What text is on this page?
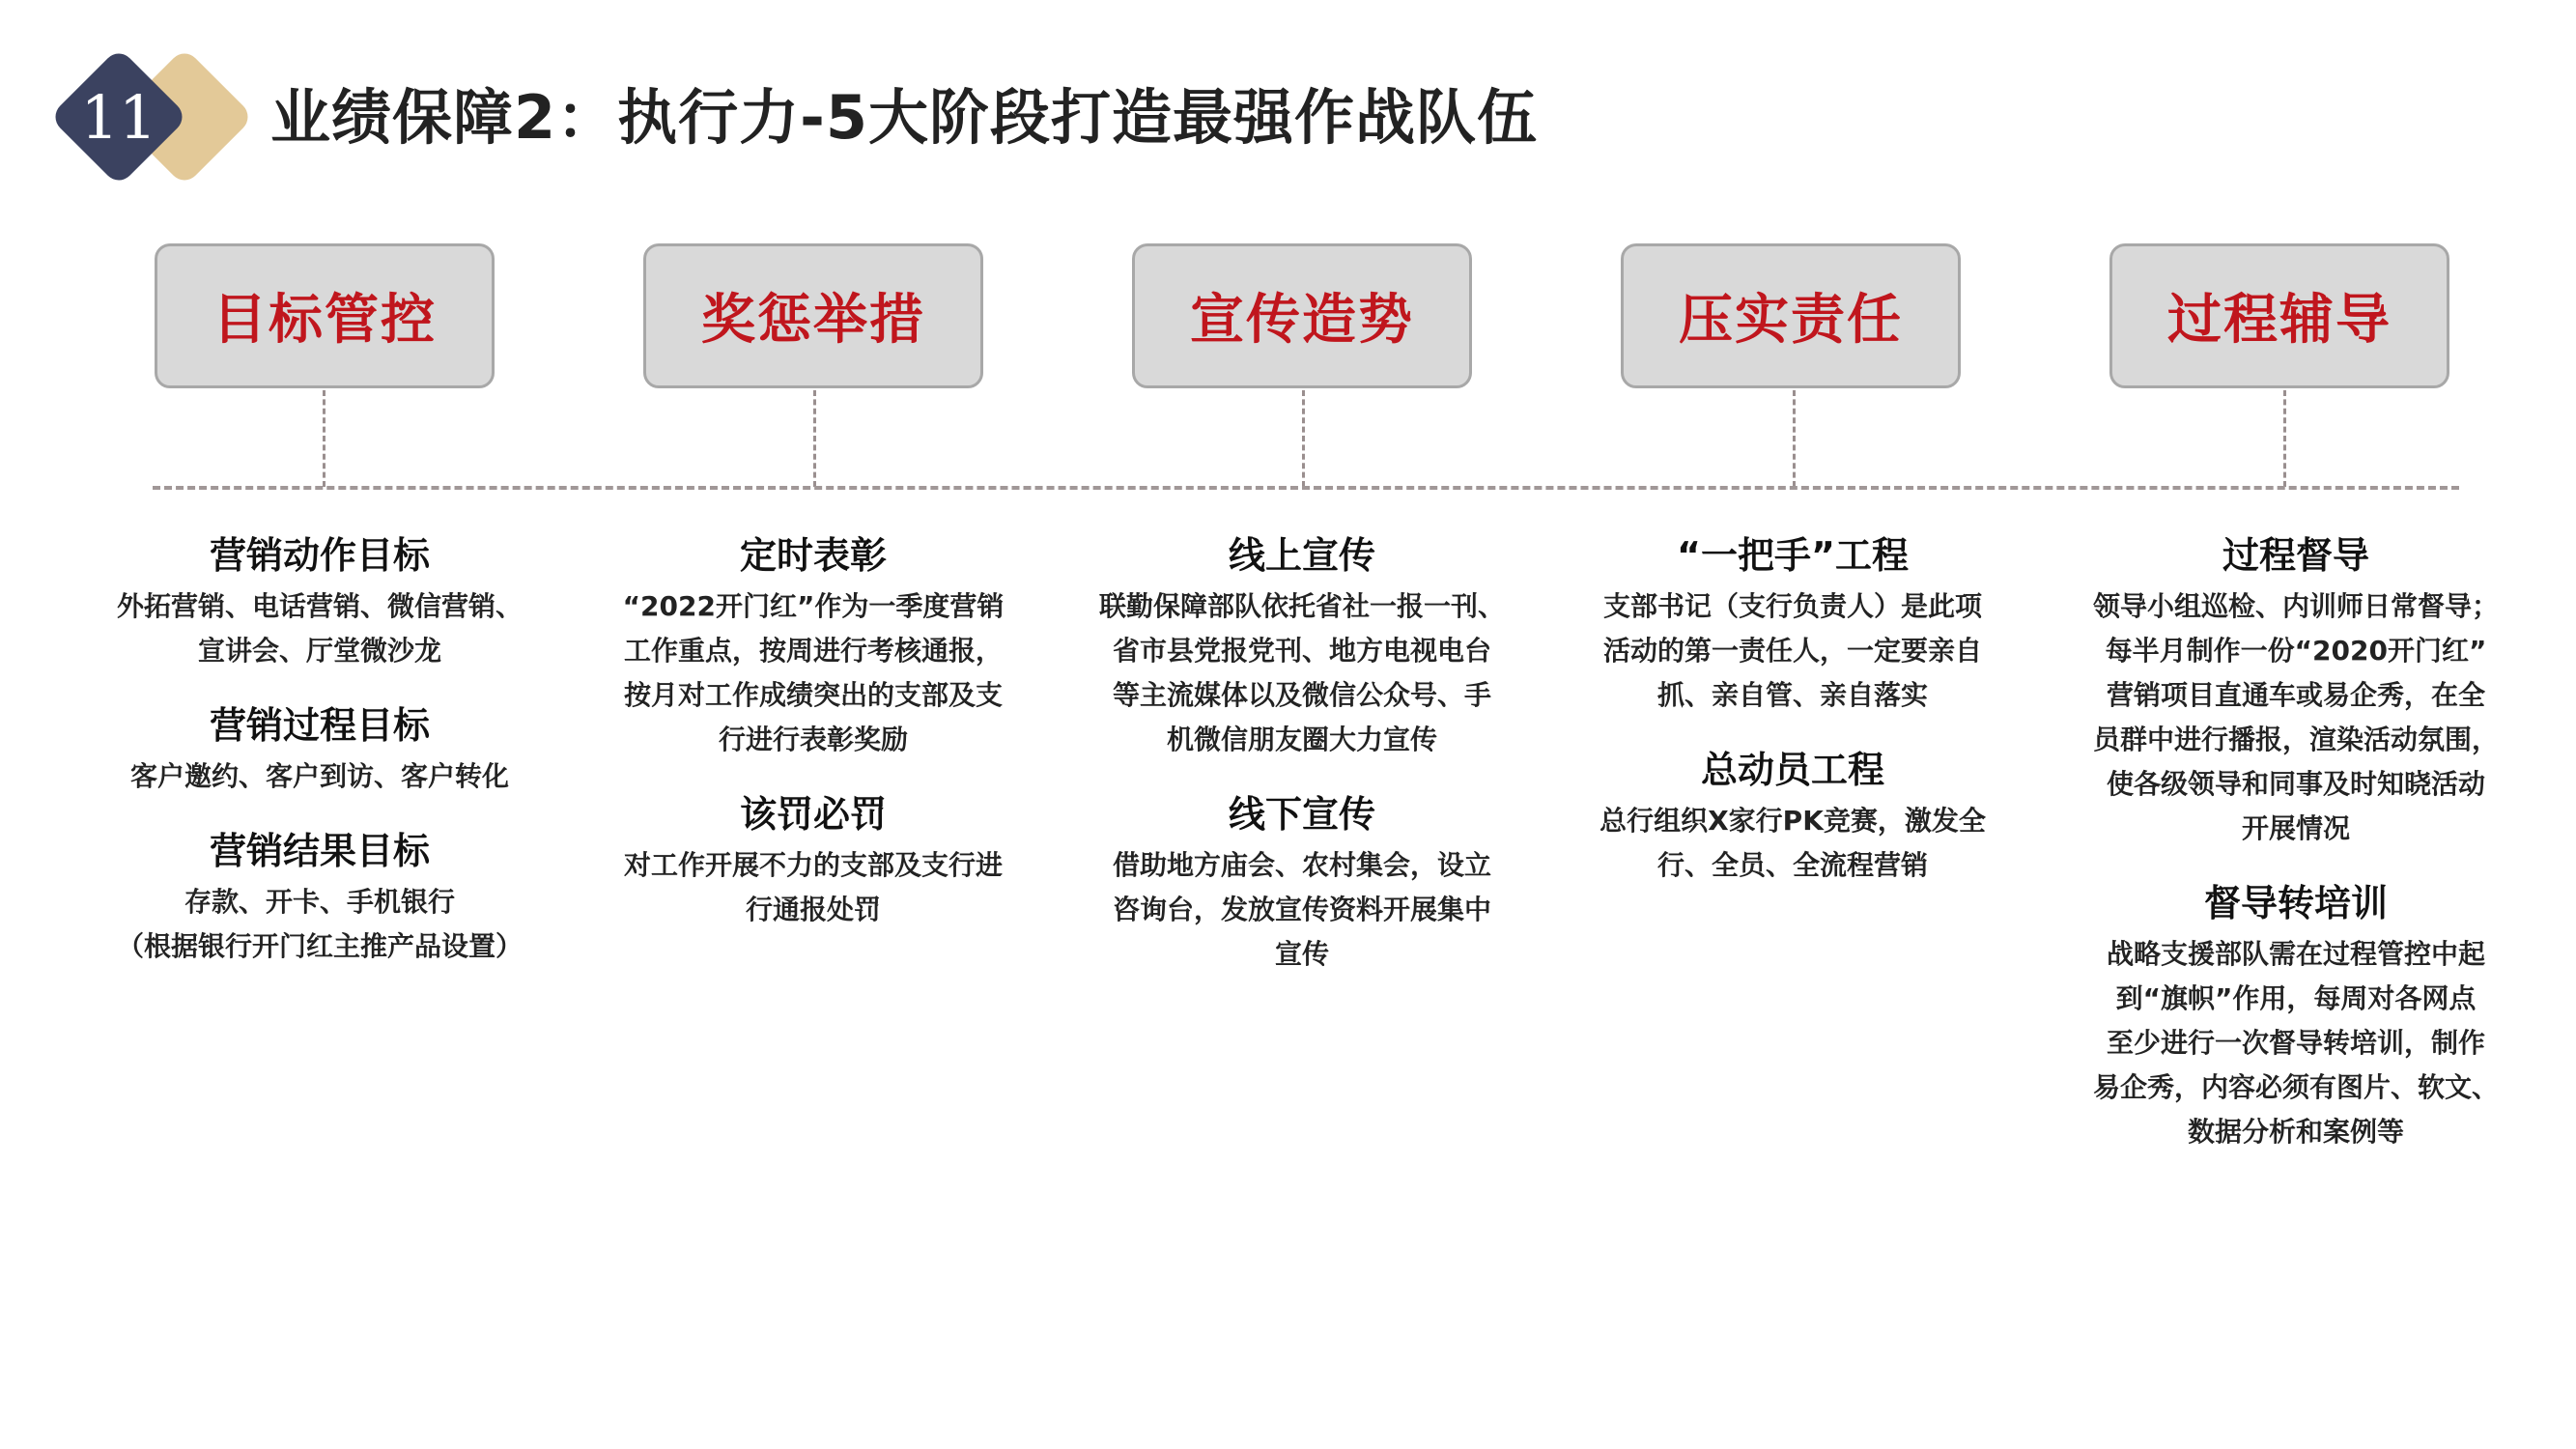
11	业绩保障2：执行力-5大阶段打造最强作战队伍
目标管控	奖惩举措	宣传造势	压实责任	过程辅导
营销动作目标
外拓营销、电话营销、微信营销、
宣讲会、厅堂微沙龙
营销过程目标
客户邀约、客户到访、客户转化
营销结果目标
存款、开卡、手机银行
（根据银行开门红主推产品设置）
定时表彰
“2022开门红”作为一季度营销
工作重点，按周进行考核通报，
按月对工作成绩突出的支部及支
行进行表彰奖励
该罚必罚
对工作开展不力的支部及支行进
行通报处罚
线上宣传
联勤保障部队依托省社一报一刊、
省市县党报党刊、地方电视电台
等主流媒体以及微信公众号、手
机微信朋友圈大力宣传
线下宣传
借助地方庙会、农村集会，设立
咨询台，发放宣传资料开展集中
宣传
“一把手”工程
支部书记（支行负责人）是此项
活动的第一责任人，一定要亲自
抓、亲自管、亲自落实
总动员工程
总行组织X家行PK竞赛，激发全
行、全员、全流程营销
过程督导
领导小组巡检、内训师日常督导；
每半月制作一份“2020开门红”
营销项目直通车或易企秀，在全
员群中进行播报，渲染活动氛围，
使各级领导和同事及时知晓活动
开展情况
督导转培训
战略支援部队需在过程管控中起
到“旗帜”作用，每周对各网点
至少进行一次督导转培训，制作
易企秀，内容必须有图片、软文、
数据分析和案例等
